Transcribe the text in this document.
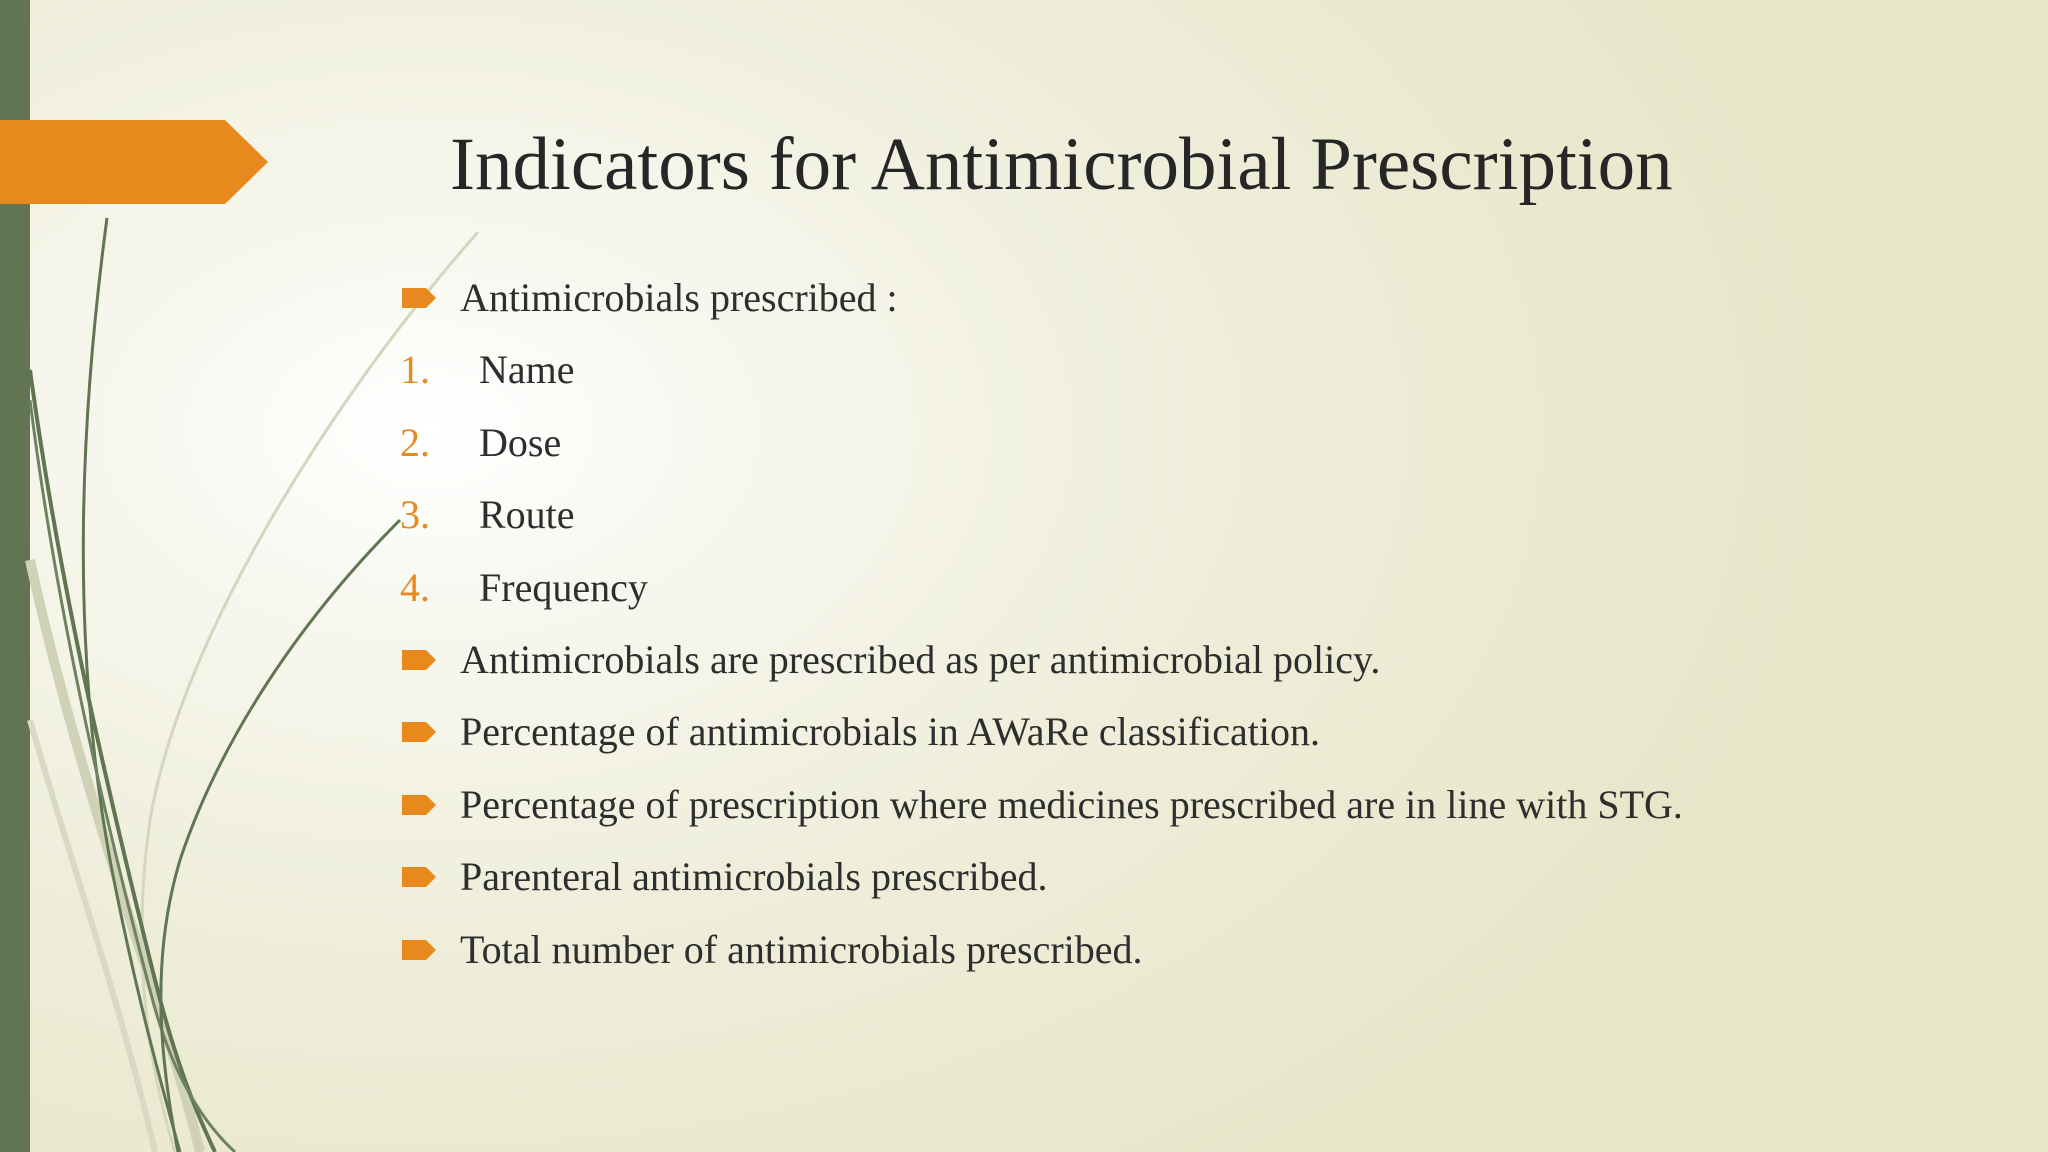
Indicators for Antimicrobial Prescription
Antimicrobials prescribed :
1. Name
2. Dose
3. Route
4. Frequency
Antimicrobials are prescribed as per antimicrobial policy.
Percentage of antimicrobials in AWaRe classification.
Percentage of prescription where medicines prescribed are in line with STG.
Parenteral antimicrobials prescribed.
Total number of antimicrobials prescribed.
